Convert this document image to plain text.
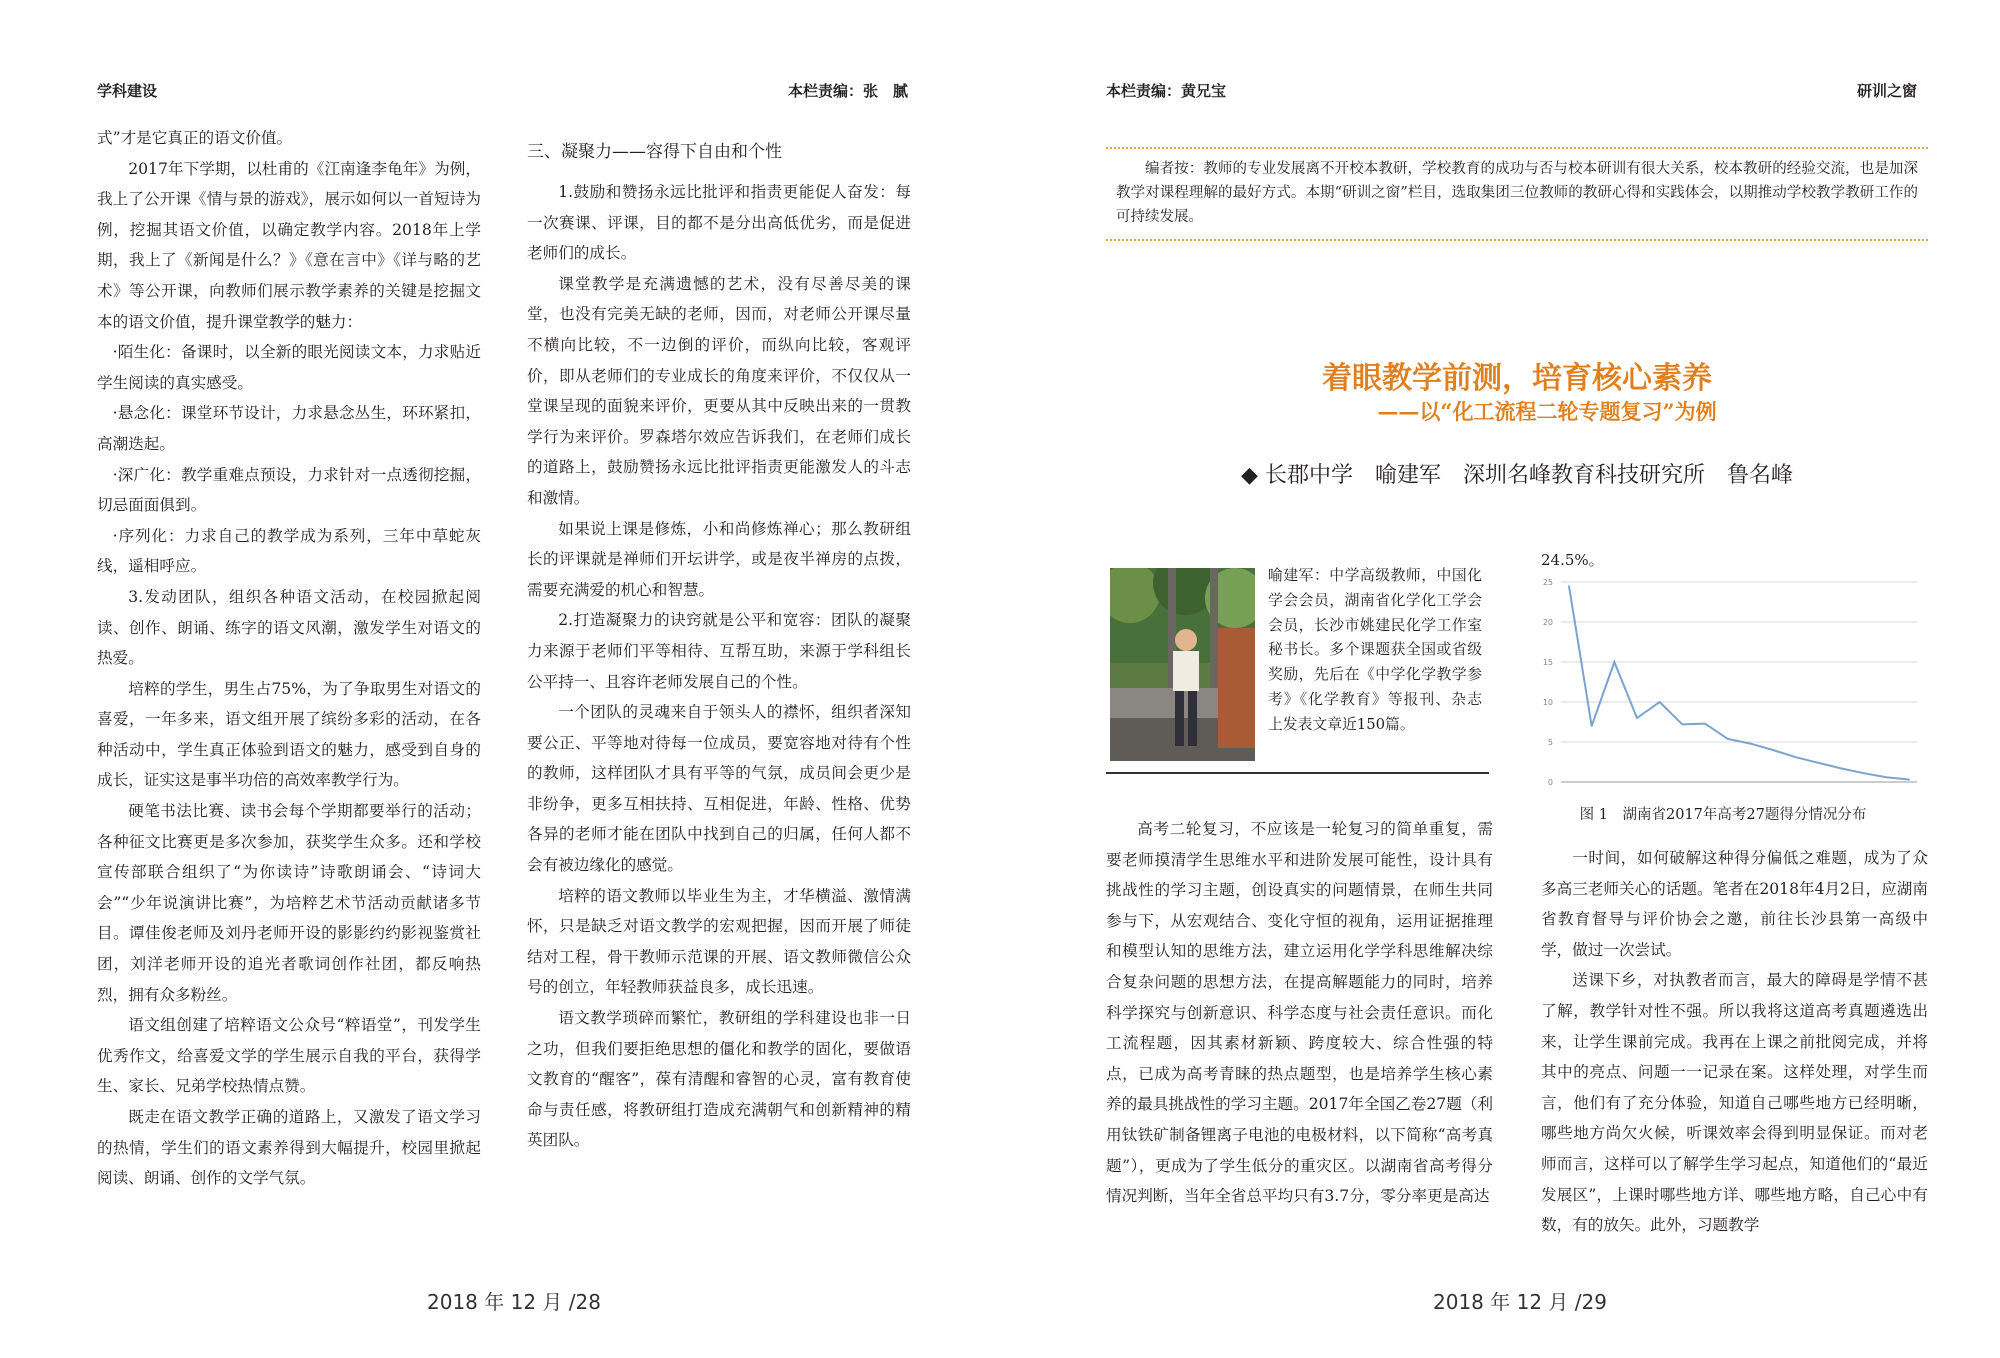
学科建设	本栏责编：张　腻

式”才是它真正的语文价值。

2017年下学期，以杜甫的《江南逢李龟年》为例，我上了公开课《情与景的游戏》，展示如何以一首短诗为例，挖掘其语文价值，以确定教学内容。2018年上学期，我上了《新闻是什么？》《意在言中》《详与略的艺术》等公开课，向教师们展示教学素养的关键是挖掘文本的语文价值，提升课堂教学的魅力：

·陌生化：备课时，以全新的眼光阅读文本，力求贴近学生阅读的真实感受。

·悬念化：课堂环节设计，力求悬念丛生，环环紧扣，高潮迭起。

·深广化：教学重难点预设，力求针对一点透彻挖掘，切忌面面俱到。

·序列化：力求自己的教学成为系列，三年中草蛇灰线，遥相呼应。

3.发动团队，组织各种语文活动，在校园掀起阅读、创作、朗诵、练字的语文风潮，激发学生对语文的热爱。

培粹的学生，男生占75%，为了争取男生对语文的喜爱，一年多来，语文组开展了缤纷多彩的活动，在各种活动中，学生真正体验到语文的魅力，感受到自身的成长，证实这是事半功倍的高效率教学行为。

硬笔书法比赛、读书会每个学期都要举行的活动；各种征文比赛更是多次参加，获奖学生众多。还和学校宣传部联合组织了“为你读诗”诗歌朗诵会、“诗词大会”“少年说演讲比赛”，为培粹艺术节活动贡献诸多节目。谭佳俊老师及刘丹老师开设的影影约约影视鉴赏社团，刘洋老师开设的追光者歌词创作社团，都反响热烈，拥有众多粉丝。

语文组创建了培粹语文公众号“粹语堂”，刊发学生优秀作文，给喜爱文学的学生展示自我的平台，获得学生、家长、兄弟学校热情点赞。

既走在语文教学正确的道路上，又激发了语文学习的热情，学生们的语文素养得到大幅提升，校园里掀起阅读、朗诵、创作的文学气氛。

三、凝聚力——容得下自由和个性

1.鼓励和赞扬永远比批评和指责更能促人奋发：每一次赛课、评课，目的都不是分出高低优劣，而是促进老师们的成长。

课堂教学是充满遗憾的艺术，没有尽善尽美的课堂，也没有完美无缺的老师，因而，对老师公开课尽量不横向比较，不一边倒的评价，而纵向比较，客观评价，即从老师们的专业成长的角度来评价，不仅仅从一堂课呈现的面貌来评价，更要从其中反映出来的一贯教学行为来评价。罗森塔尔效应告诉我们，在老师们成长的道路上，鼓励赞扬永远比批评指责更能激发人的斗志和激情。

如果说上课是修炼，小和尚修炼禅心；那么教研组长的评课就是禅师们开坛讲学，或是夜半禅房的点拨，需要充满爱的机心和智慧。

2.打造凝聚力的诀窍就是公平和宽容：团队的凝聚力来源于老师们平等相待、互帮互助，来源于学科组长公平持一、且容许老师发展自己的个性。

一个团队的灵魂来自于领头人的襟怀，组织者深知要公正、平等地对待每一位成员，要宽容地对待有个性的教师，这样团队才具有平等的气氛，成员间会更少是非纷争，更多互相扶持、互相促进，年龄、性格、优势各异的老师才能在团队中找到自己的归属，任何人都不会有被边缘化的感觉。

培粹的语文教师以毕业生为主，才华横溢、激情满怀，只是缺乏对语文教学的宏观把握，因而开展了师徒结对工程，骨干教师示范课的开展、语文教师微信公众号的创立，年轻教师获益良多，成长迅速。

语文教学琐碎而繁忙，教研组的学科建设也非一日之功，但我们要拒绝思想的僵化和教学的固化，要做语文教育的“醒客”，葆有清醒和睿智的心灵，富有教育使命与责任感，将教研组打造成充满朝气和创新精神的精英团队。

2018 年 12 月 /28
本栏责编：黄兄宝	研训之窗
编者按：教师的专业发展离不开校本教研，学校教育的成功与否与校本研训有很大关系，校本教研的经验交流，也是加深教学对课程理解的最好方式。本期“研训之窗”栏目，选取集团三位教师的教研心得和实践体会，以期推动学校教学教研工作的可持续发展。
着眼教学前测，培育核心素养
——以“化工流程二轮专题复习”为例
◆ 长郡中学　喻建军　深圳名峰教育科技研究所　鲁名峰
喻建军：中学高级教师，中国化学会会员，湖南省化学化工学会会员，长沙市姚建民化学工作室秘书长。多个课题获全国或省级奖励，先后在《中学化学教学参考》《化学教育》等报刊、杂志上发表文章近150篇。
24.5%。
0
5
10
15
20
25
图 1　湖南省2017年高考27题得分情况分布

高考二轮复习，不应该是一轮复习的简单重复，需要老师摸清学生思维水平和进阶发展可能性，设计具有挑战性的学习主题，创设真实的问题情景，在师生共同参与下，从宏观结合、变化守恒的视角，运用证据推理和模型认知的思维方法，建立运用化学学科思维解决综合复杂问题的思想方法，在提高解题能力的同时，培养科学探究与创新意识、科学态度与社会责任意识。而化工流程题，因其素材新颖、跨度较大、综合性强的特点，已成为高考青睐的热点题型，也是培养学生核心素养的最具挑战性的学习主题。2017年全国乙卷27题（利用钛铁矿制备锂离子电池的电极材料，以下简称“高考真题”），更成为了学生低分的重灾区。以湖南省高考得分情况判断，当年全省总平均只有3.7分，零分率更是高达

一时间，如何破解这种得分偏低之难题，成为了众多高三老师关心的话题。笔者在2018年4月2日，应湖南省教育督导与评价协会之邀，前往长沙县第一高级中学，做过一次尝试。

送课下乡，对执教者而言，最大的障碍是学情不甚了解，教学针对性不强。所以我将这道高考真题遴选出来，让学生课前完成。我再在上课之前批阅完成，并将其中的亮点、问题一一记录在案。这样处理，对学生而言，他们有了充分体验，知道自己哪些地方已经明晰，哪些地方尚欠火候，听课效率会得到明显保证。而对老师而言，这样可以了解学生学习起点，知道他们的“最近发展区”，上课时哪些地方详、哪些地方略，自己心中有数，有的放矢。此外，习题教学

2018 年 12 月 /29
